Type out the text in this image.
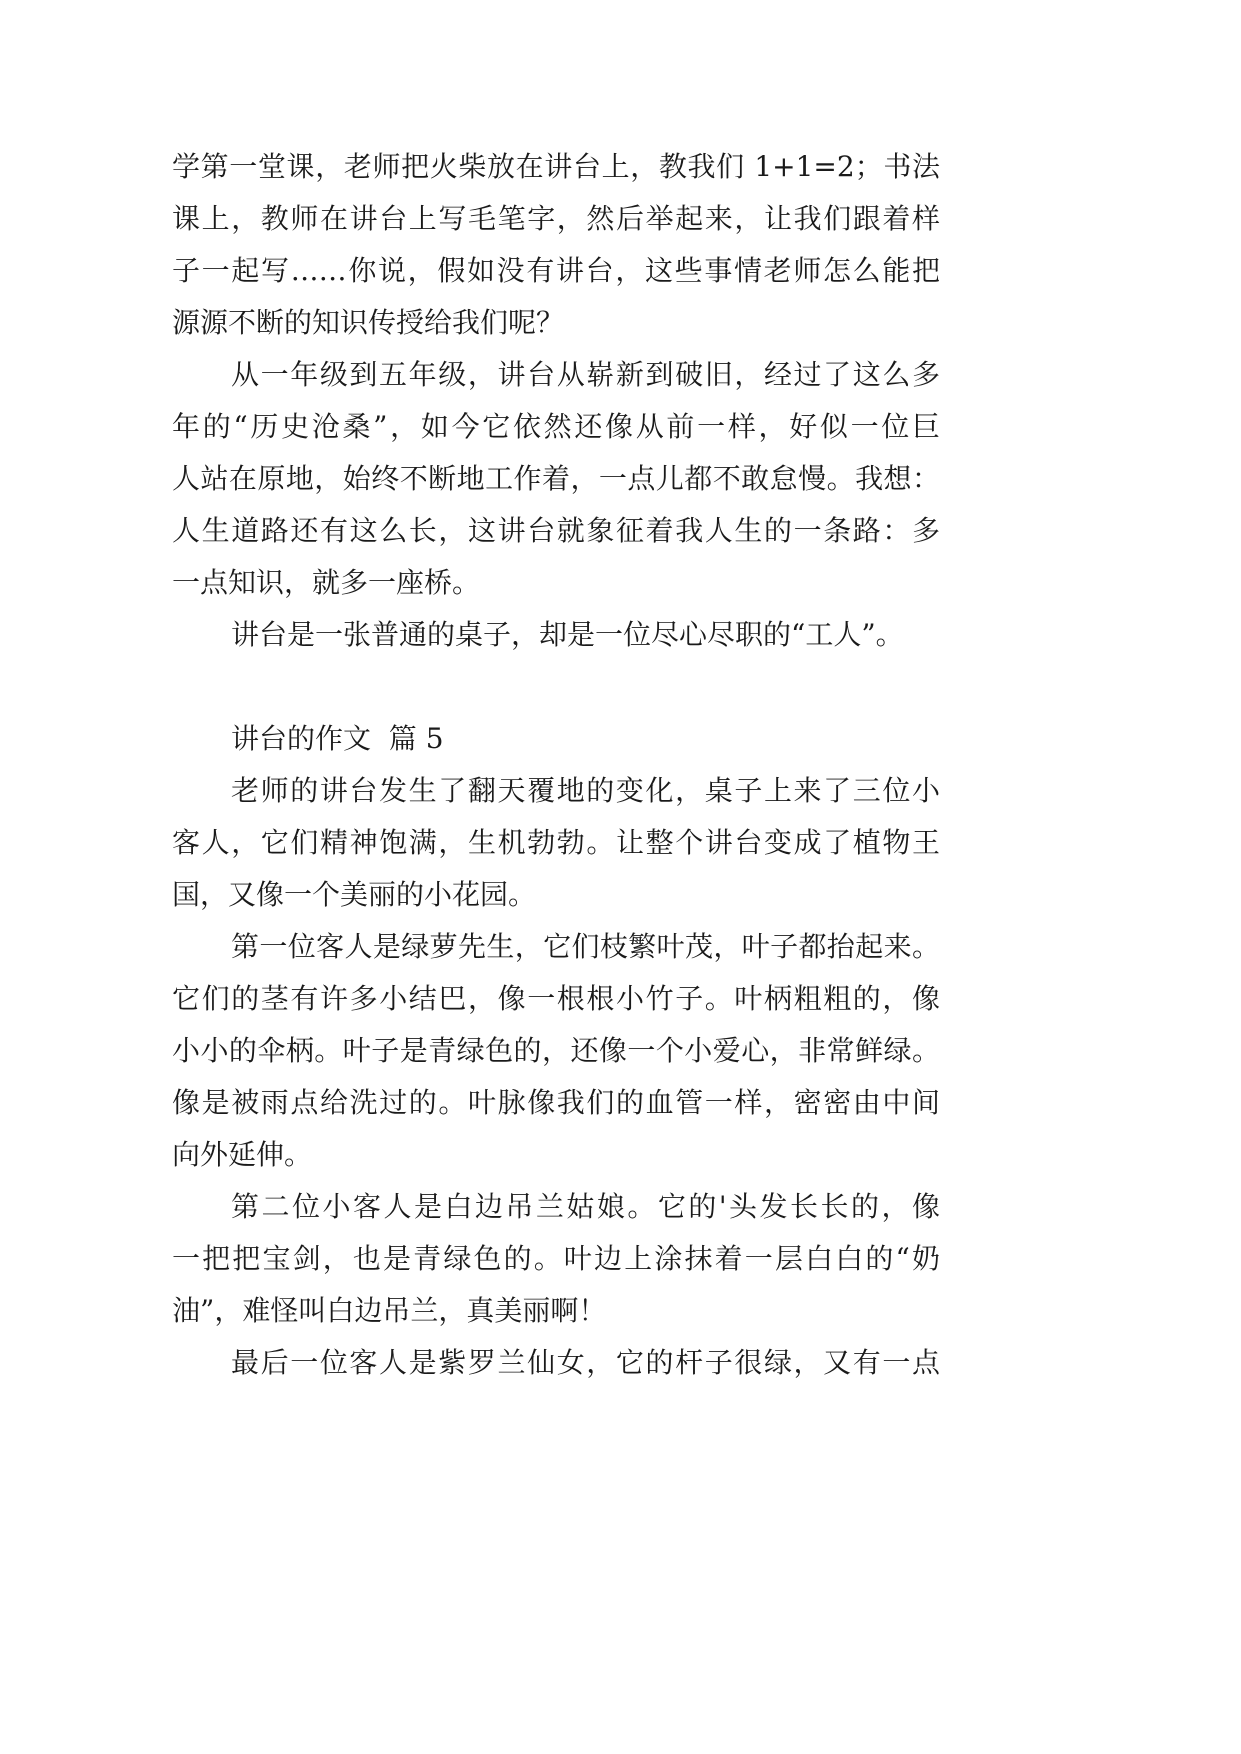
学第一堂课，老师把火柴放在讲台上，教我们 1+1=2；书法
课上，教师在讲台上写毛笔字，然后举起来，让我们跟着样
子一起写……你说，假如没有讲台，这些事情老师怎么能把
源源不断的知识传授给我们呢？
从一年级到五年级，讲台从崭新到破旧，经过了这么多
年的“历史沧桑”，如今它依然还像从前一样，好似一位巨
人站在原地，始终不断地工作着，一点儿都不敢怠慢。我想：
人生道路还有这么长，这讲台就象征着我人生的一条路：多
一点知识，就多一座桥。
讲台是一张普通的桌子，却是一位尽心尽职的“工人”。
讲台的作文  篇 5
老师的讲台发生了翻天覆地的变化，桌子上来了三位小
客人，它们精神饱满，生机勃勃。让整个讲台变成了植物王
国，又像一个美丽的小花园。
第一位客人是绿萝先生，它们枝繁叶茂，叶子都抬起来。
它们的茎有许多小结巴，像一根根小竹子。叶柄粗粗的，像
小小的伞柄。叶子是青绿色的，还像一个小爱心，非常鲜绿。
像是被雨点给洗过的。叶脉像我们的血管一样，密密由中间
向外延伸。
第二位小客人是白边吊兰姑娘。它的'头发长长的，像
一把把宝剑，也是青绿色的。叶边上涂抹着一层白白的“奶
油”，难怪叫白边吊兰，真美丽啊！
最后一位客人是紫罗兰仙女，它的杆子很绿，又有一点
